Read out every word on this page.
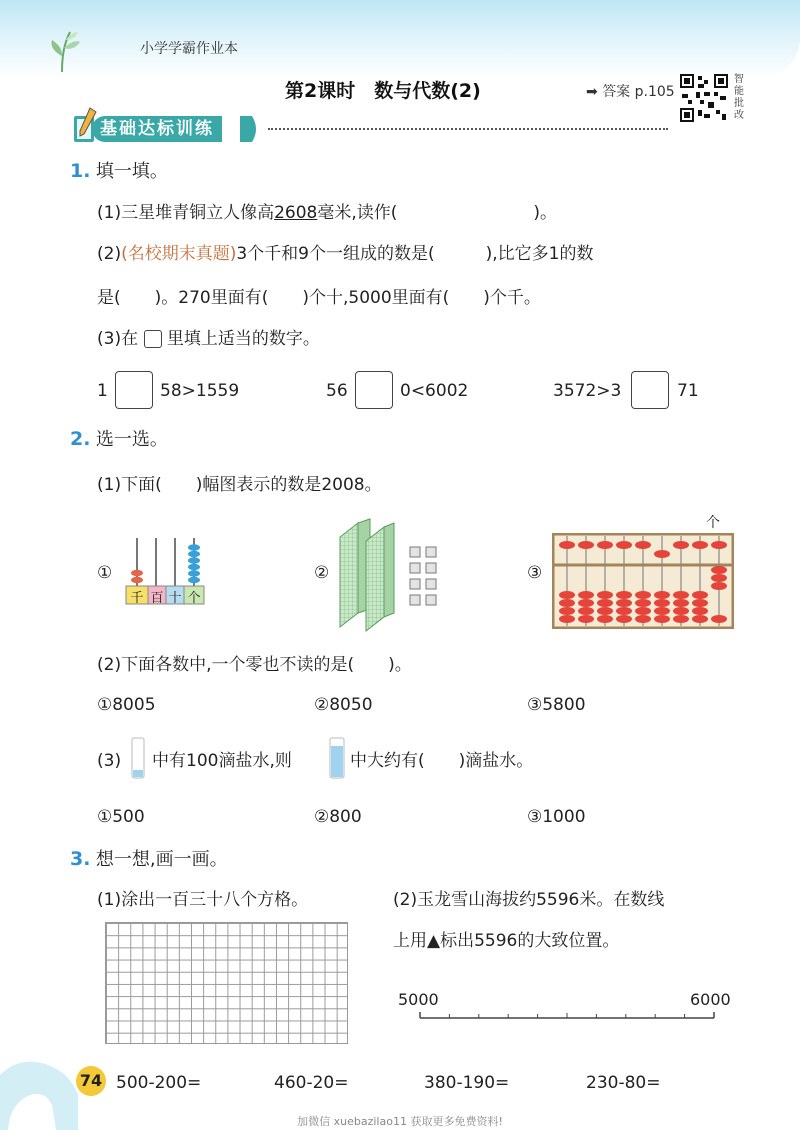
小学学霸作业本
第2课时　数与代数(2)	➡ 答案 p.105
智能批改
基础达标训练
1. 填一填。
(1)三星堆青铜立人像高2608毫米,读作(　　　　　　　　)。
(2)(名校期末真题)3个千和9个一组成的数是(　　　),比它多1的数
是(　　)。270里面有(　　)个十,5000里面有(　　)个千。
(3)在 里填上适当的数字。
1	58>1559	56	0<6002	3572>3	71
2. 选一选。
(1)下面(　　)幅图表示的数是2008。
①
千 百 十 个
②	③
个
(2)下面各数中,一个零也不读的是(　　)。
①8005	②8050	③5800
(3) 中有100滴盐水,则	中大约有(　　)滴盐水。
①500	②800	③1000
3. 想一想,画一画。
(1)涂出一百三十八个方格。	(2)玉龙雪山海拔约5596米。在数线
上用▲标出5596的大致位置。
5000	6000
74 500-200=	460-20=	380-190=	230-80=
加微信 xuebazilao11 获取更多免费资料!
